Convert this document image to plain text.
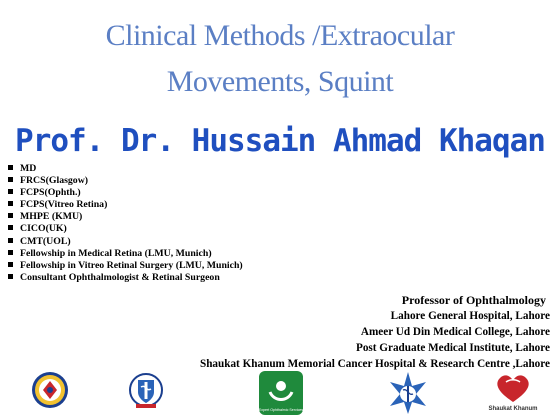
Clinical Methods /Extraocular
Movements, Squint
Prof. Dr. Hussain Ahmad Khaqan
MD
FRCS(Glasgow)
FCPS(Ophth.)
FCPS(Vitreo Retina)
MHPE (KMU)
CICO(UK)
CMT(UOL)
Fellowship in Medical Retina (LMU, Munich)
Fellowship in Vitreo Retinal Surgery (LMU, Munich)
Consultant Ophthalmologist & Retinal Surgeon
Professor of Ophthalmology
Lahore General Hospital, Lahore
Ameer Ud Din Medical College, Lahore
Post Graduate Medical Institute, Lahore
Shaukat Khanum Memorial Cancer Hospital & Research Centre ,Lahore
Expert Ophthalmic Services	Shaukat Khanum
